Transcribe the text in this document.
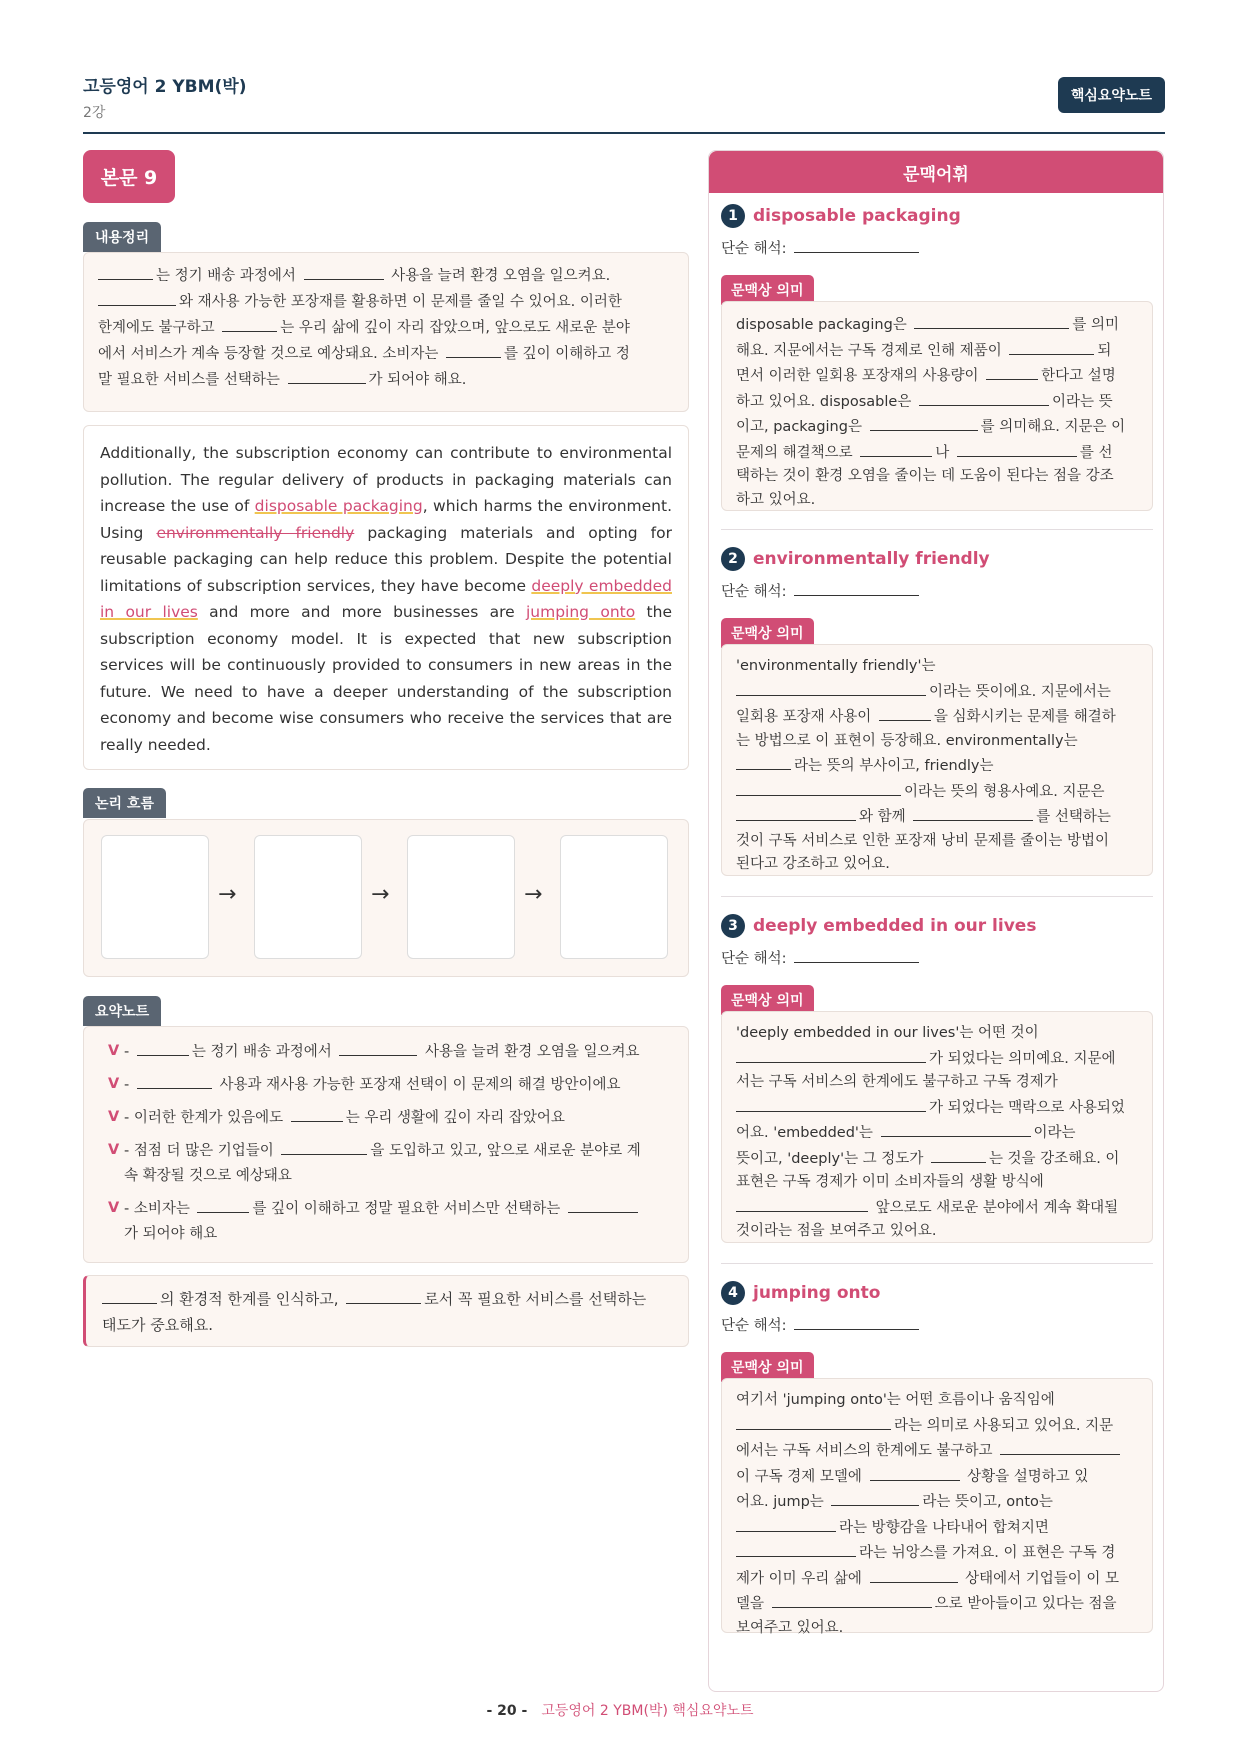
고등영어 2 YBM(박)
2강
핵심요약노트
본문 9
내용정리
는 정기 배송 과정에서	사용을 늘려 환경 오염을 일으켜요.
와 재사용 가능한 포장재를 활용하면 이 문제를 줄일 수 있어요. 이러한
한계에도 불구하고	는 우리 삶에 깊이 자리 잡았으며, 앞으로도 새로운 분야
에서 서비스가 계속 등장할 것으로 예상돼요. 소비자는	를 깊이 이해하고 정
말 필요한 서비스를 선택하는	가 되어야 해요.
Additionally, the subscription economy can contribute to environmental pollution. The regular delivery of products in packaging materials can increase the use of disposable packaging, which harms the environment. Using environmentally friendly packaging materials and opting for reusable packaging can help reduce this problem. Despite the potential limitations of subscription services, they have become deeply embedded in our lives and more and more businesses are jumping onto the subscription economy model. It is expected that new subscription services will be continuously provided to consumers in new areas in the future. We need to have a deeper understanding of the subscription economy and become wise consumers who receive the services that are really needed.
논리 흐름
→	→	→
요약노트
V -	는 정기 배송 과정에서	사용을 늘려 환경 오염을 일으켜요
V -	사용과 재사용 가능한 포장재 선택이 이 문제의 해결 방안이에요
V - 이러한 한계가 있음에도	는 우리 생활에 깊이 자리 잡았어요
V - 점점 더 많은 기업들이	을 도입하고 있고, 앞으로 새로운 분야로 계
속 확장될 것으로 예상돼요
V - 소비자는	를 깊이 이해하고 정말 필요한 서비스만 선택하는
가 되어야 해요
의 환경적 한계를 인식하고,	로서 꼭 필요한 서비스를 선택하는
태도가 중요해요.
문맥어휘
1 disposable packaging
단순 해석:
문맥상 의미
disposable packaging은	를 의미
해요. 지문에서는 구독 경제로 인해 제품이	되
면서 이러한 일회용 포장재의 사용량이	한다고 설명
하고 있어요. disposable은	이라는 뜻
이고, packaging은	를 의미해요. 지문은 이
문제의 해결책으로	나	를 선
택하는 것이 환경 오염을 줄이는 데 도움이 된다는 점을 강조
하고 있어요.
2 environmentally friendly
단순 해석:
문맥상 의미
'environmentally friendly'는
이라는 뜻이에요. 지문에서는
일회용 포장재 사용이	을 심화시키는 문제를 해결하
는 방법으로 이 표현이 등장해요. environmentally는
라는 뜻의 부사이고, friendly는
이라는 뜻의 형용사예요. 지문은
와 함께	를 선택하는
것이 구독 서비스로 인한 포장재 낭비 문제를 줄이는 방법이
된다고 강조하고 있어요.
3 deeply embedded in our lives
단순 해석:
문맥상 의미
'deeply embedded in our lives'는 어떤 것이
가 되었다는 의미예요. 지문에
서는 구독 서비스의 한계에도 불구하고 구독 경제가
가 되었다는 맥락으로 사용되었
어요. 'embedded'는	이라는
뜻이고, 'deeply'는 그 정도가	는 것을 강조해요. 이
표현은 구독 경제가 이미 소비자들의 생활 방식에
앞으로도 새로운 분야에서 계속 확대될
것이라는 점을 보여주고 있어요.
4 jumping onto
단순 해석:
문맥상 의미
여기서 'jumping onto'는 어떤 흐름이나 움직임에
라는 의미로 사용되고 있어요. 지문
에서는 구독 서비스의 한계에도 불구하고
이 구독 경제 모델에	상황을 설명하고 있
어요. jump는	라는 뜻이고, onto는
라는 방향감을 나타내어 합쳐지면
라는 뉘앙스를 가져요. 이 표현은 구독 경
제가 이미 우리 삶에	상태에서 기업들이 이 모
델을	으로 받아들이고 있다는 점을
보여주고 있어요.
- 20 - 고등영어 2 YBM(박) 핵심요약노트
